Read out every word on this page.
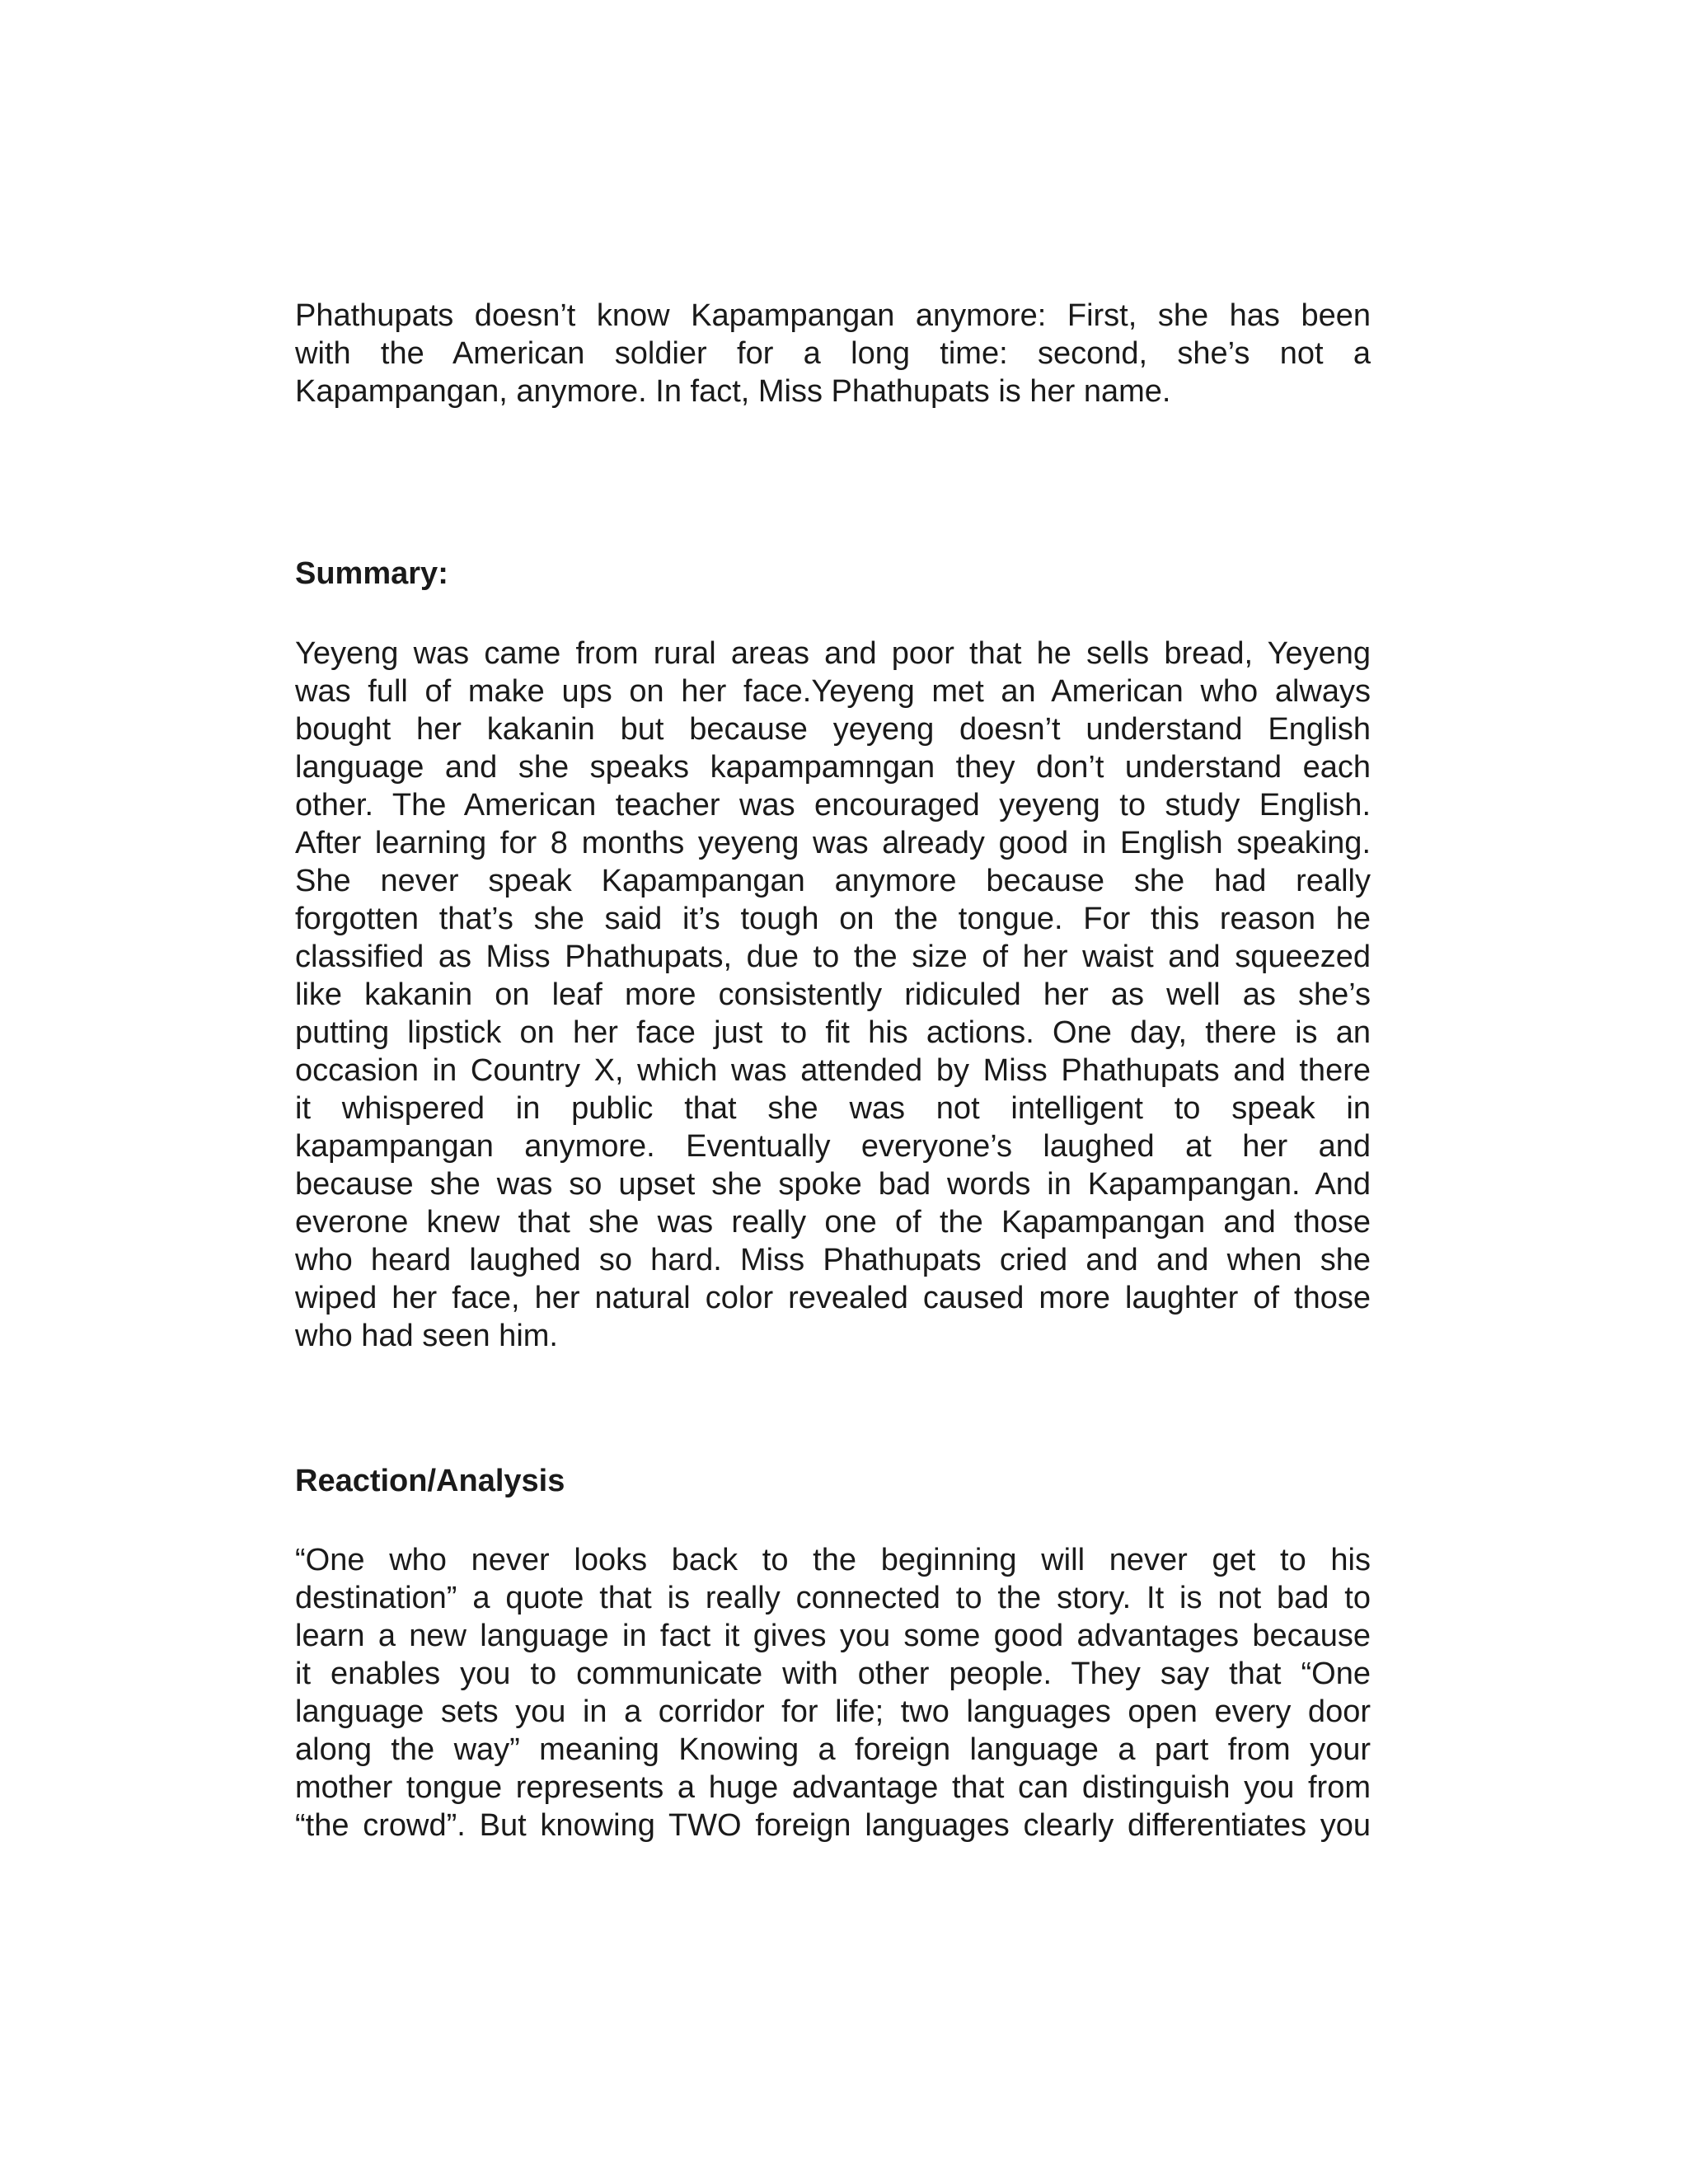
Phathupats doesn’t know Kapampangan anymore: First, she has been
with the American soldier for a long time: second, she’s not a
Kapampangan, anymore. In fact, Miss Phathupats is her name.
Summary:
Yeyeng was came from rural areas and poor that he sells bread, Yeyeng
was full of make ups on her face.Yeyeng met an American who always
bought her kakanin but because yeyeng doesn’t understand English
language and she speaks kapampamngan they don’t understand each
other. The American teacher was encouraged yeyeng to study English.
After learning for 8 months yeyeng was already good in English speaking.
She never speak Kapampangan anymore because she had really
forgotten that’s she said it’s tough on the tongue. For this reason he
classified as Miss Phathupats, due to the size of her waist and squeezed
like kakanin on leaf more consistently ridiculed her as well as she’s
putting lipstick on her face just to fit his actions. One day, there is an
occasion in Country X, which was attended by Miss Phathupats and there
it whispered in public that she was not intelligent to speak in
kapampangan anymore. Eventually everyone’s laughed at her and
because she was so upset she spoke bad words in Kapampangan. And
everone knew that she was really one of the Kapampangan and those
who heard laughed so hard. Miss Phathupats cried and and when she
wiped her face, her natural color revealed caused more laughter of those
who had seen him.
Reaction/Analysis
“One who never looks back to the beginning will never get to his
destination” a quote that is really connected to the story. It is not bad to
learn a new language in fact it gives you some good advantages because
it enables you to communicate with other people. They say that “One
language sets you in a corridor for life; two languages open every door
along the way” meaning Knowing a foreign language a part from your
mother tongue represents a huge advantage that can distinguish you from
“the crowd”. But knowing TWO foreign languages clearly differentiates you
